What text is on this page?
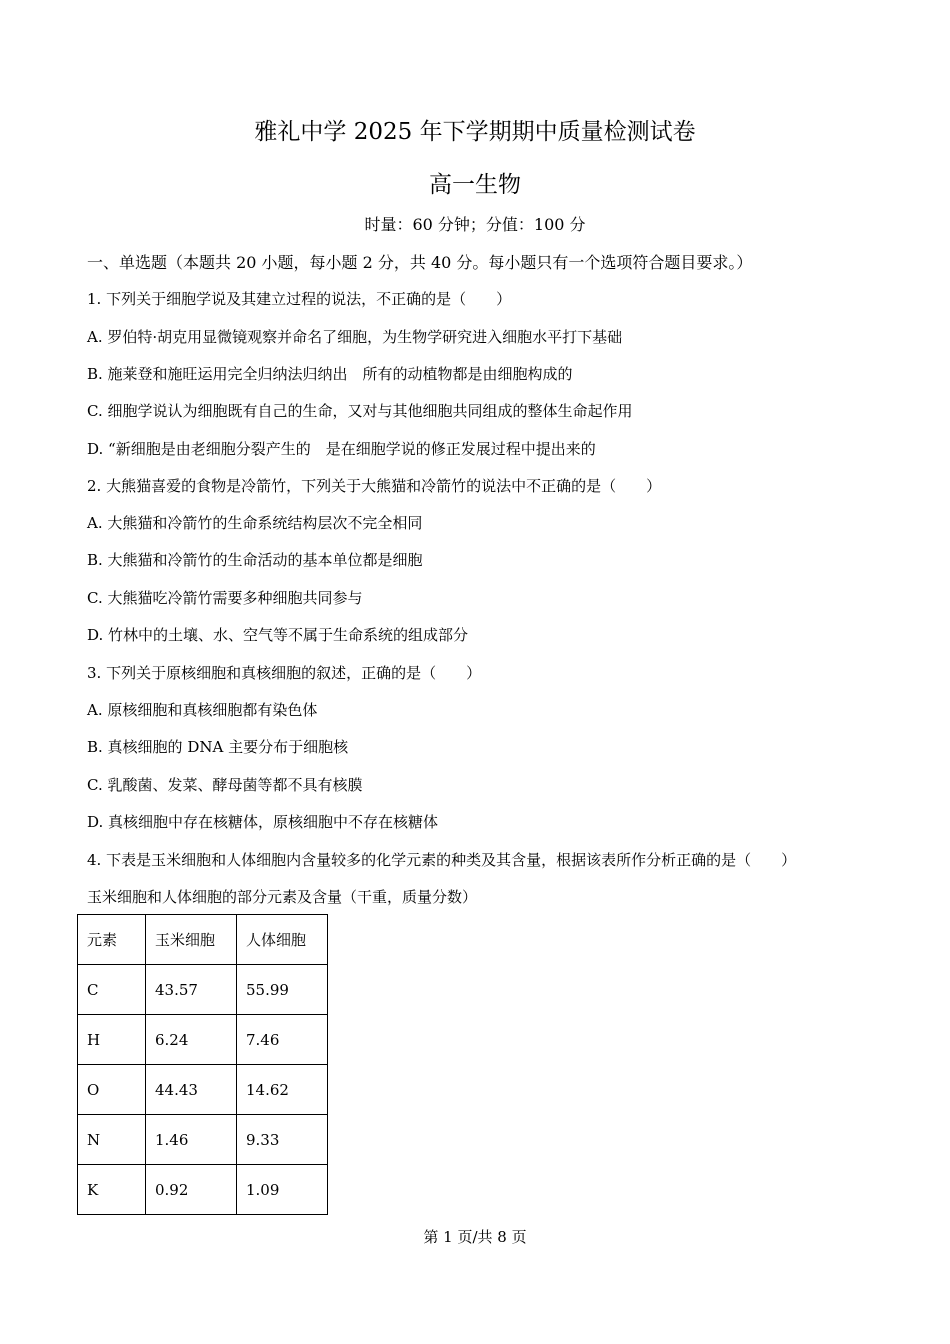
雅礼中学 2025 年下学期期中质量检测试卷
高一生物
时量：60 分钟；分值：100 分
一、单选题（本题共 20 小题，每小题 2 分，共 40 分。每小题只有一个选项符合题目要求。）
1. 下列关于细胞学说及其建立过程的说法，不正确的是（　　）
A. 罗伯特·胡克用显微镜观察并命名了细胞，为生物学研究进入细胞水平打下基础
B. 施莱登和施旺运用完全归纳法归纳出　所有的动植物都是由细胞构成的
C. 细胞学说认为细胞既有自己的生命，又对与其他细胞共同组成的整体生命起作用
D. “新细胞是由老细胞分裂产生的　是在细胞学说的修正发展过程中提出来的
2. 大熊猫喜爱的食物是冷箭竹，下列关于大熊猫和冷箭竹的说法中不正确的是（　　）
A. 大熊猫和冷箭竹的生命系统结构层次不完全相同
B. 大熊猫和冷箭竹的生命活动的基本单位都是细胞
C. 大熊猫吃冷箭竹需要多种细胞共同参与
D. 竹林中的土壤、水、空气等不属于生命系统的组成部分
3. 下列关于原核细胞和真核细胞的叙述，正确的是（　　）
A. 原核细胞和真核细胞都有染色体
B. 真核细胞的 DNA 主要分布于细胞核
C. 乳酸菌、发菜、酵母菌等都不具有核膜
D. 真核细胞中存在核糖体，原核细胞中不存在核糖体
4. 下表是玉米细胞和人体细胞内含量较多的化学元素的种类及其含量，根据该表所作分析正确的是（　　）
玉米细胞和人体细胞的部分元素及含量（干重，质量分数）
元素	玉米细胞	人体细胞
C	43.57	55.99
H	6.24	7.46
O	44.43	14.62
N	1.46	9.33
K	0.92	1.09
第 1 页/共 8 页
